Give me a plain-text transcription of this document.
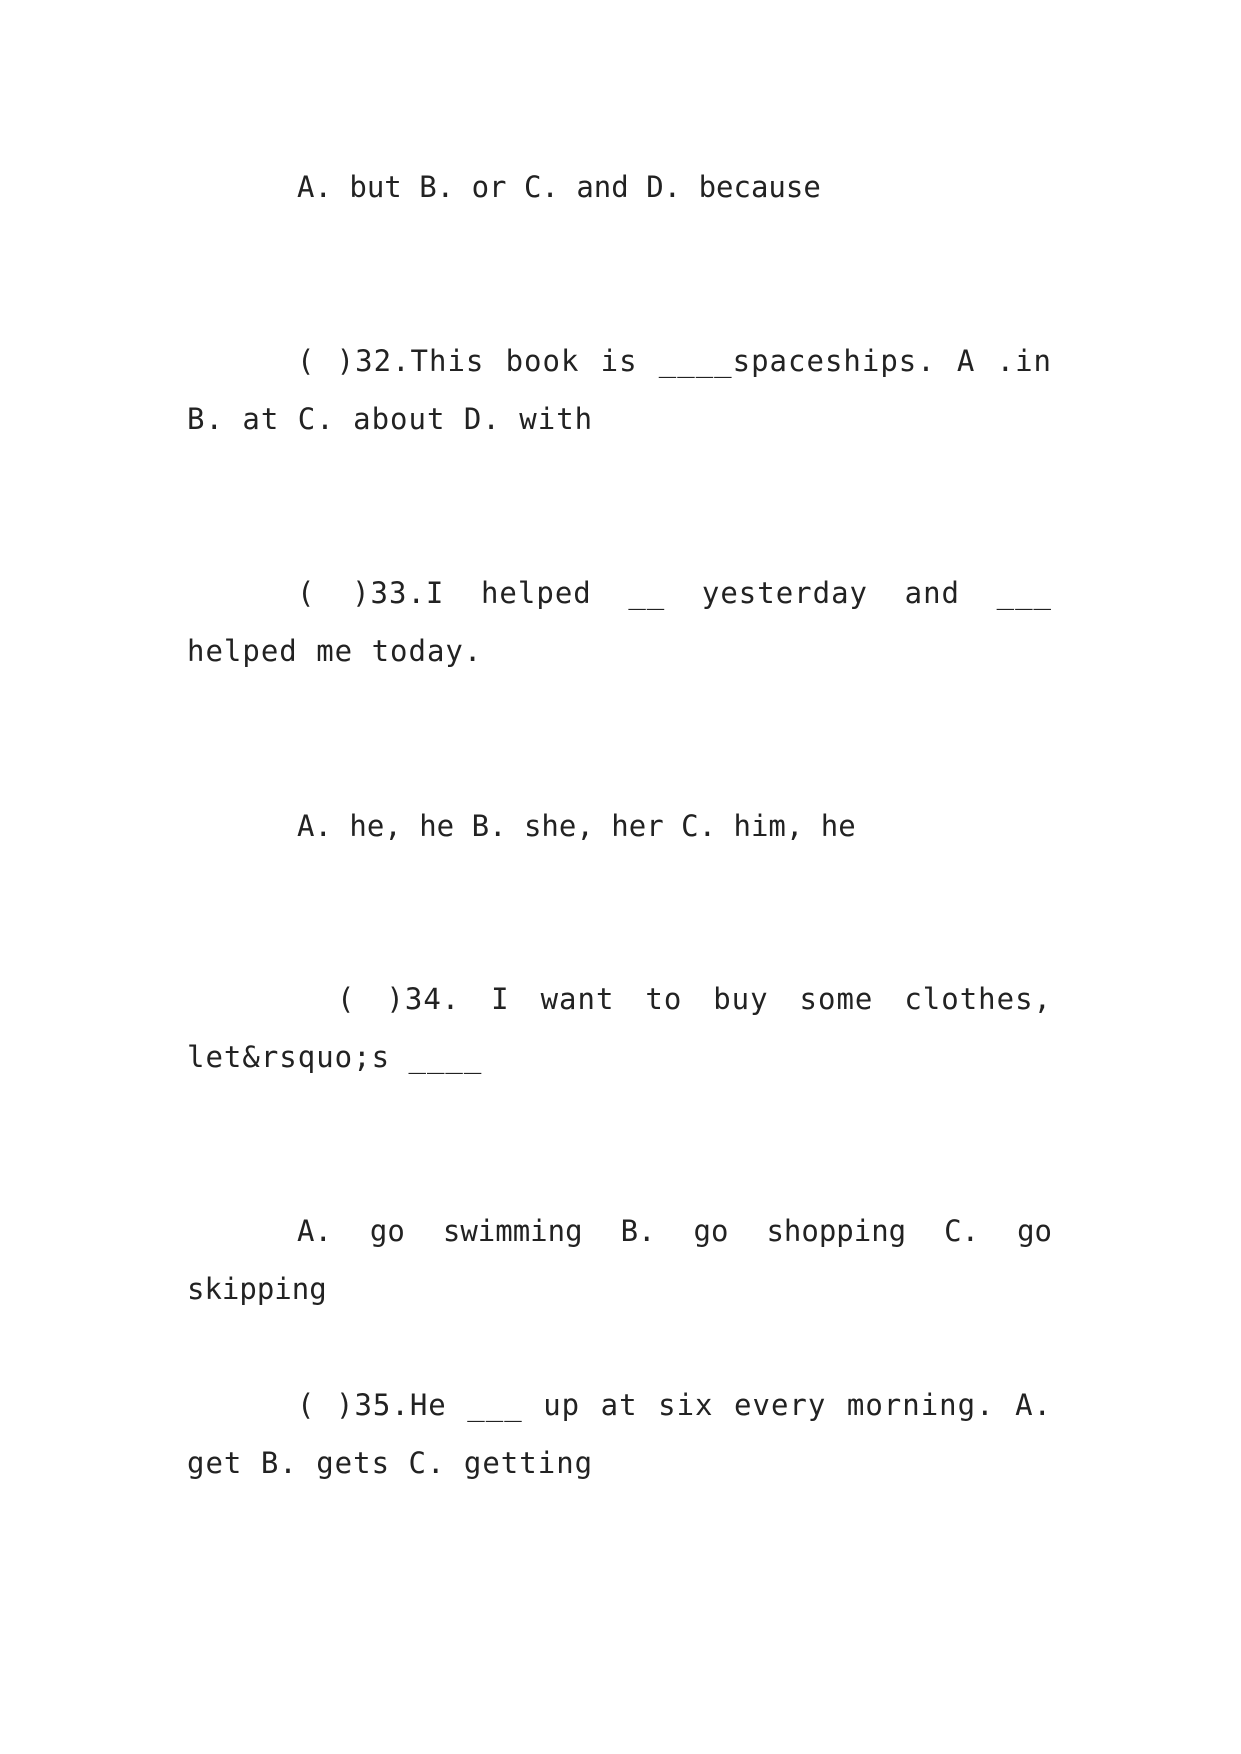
A. but B. or C. and D. because

( )32.This book is ____spaceships. A .in B. at C. about D. with

( )33.I helped __ yesterday and ___ helped me today.

A. he, he B. she, her C. him, he

( )34. I want to buy some clothes, let&rsquo;s ____

A. go swimming B. go shopping C. go skipping

( )35.He ___ up at six every morning. A. get B. gets C. getting
